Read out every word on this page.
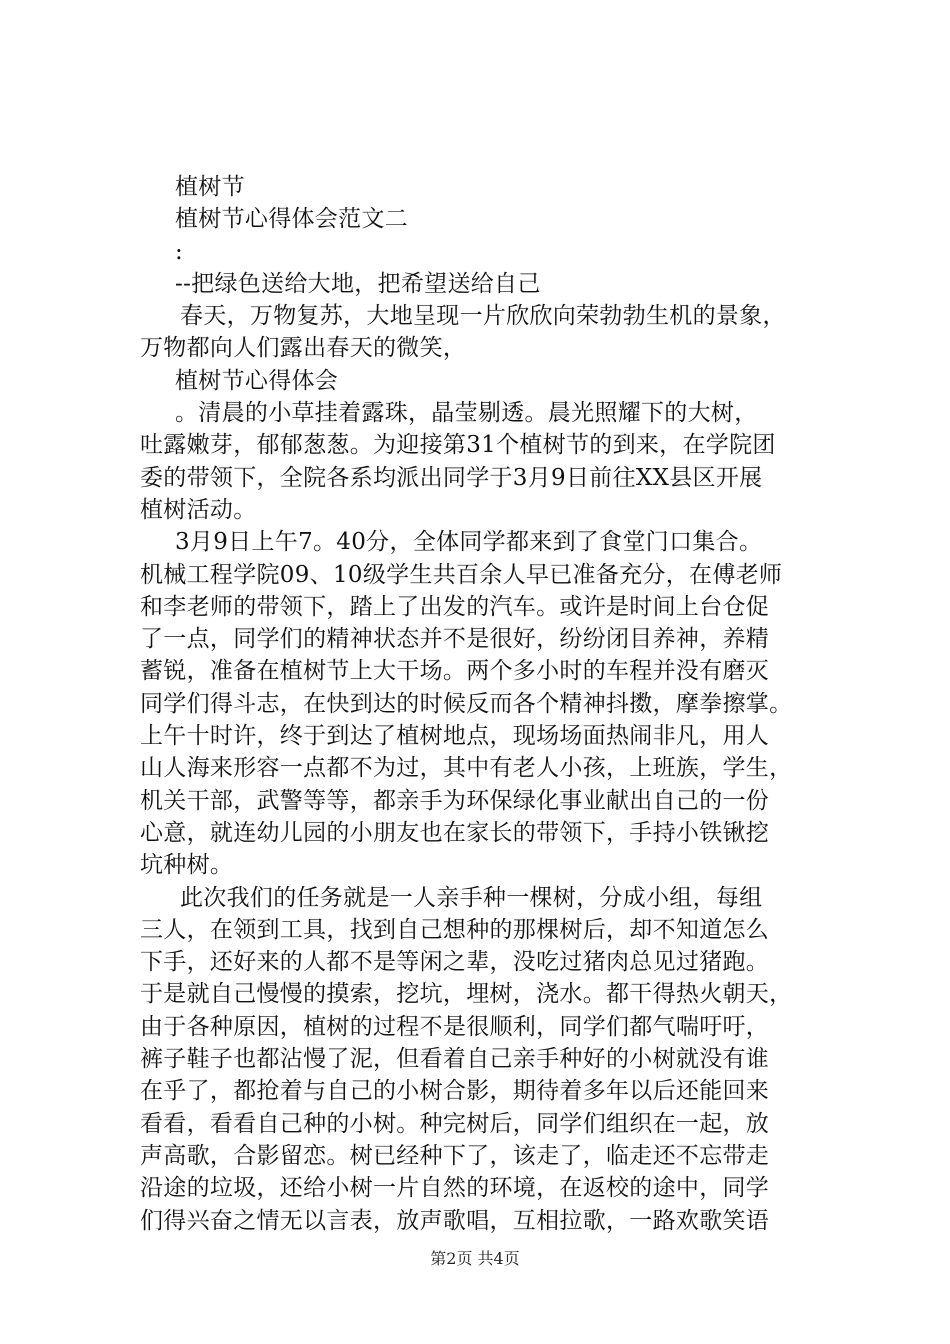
植树节
植树节心得体会范文二
:
--把绿色送给大地，把希望送给自己
春天，万物复苏，大地呈现一片欣欣向荣勃勃生机的景象，
万物都向人们露出春天的微笑，
植树节心得体会
。清晨的小草挂着露珠，晶莹剔透。晨光照耀下的大树，
吐露嫩芽，郁郁葱葱。为迎接第31个植树节的到来，在学院团
委的带领下，全院各系均派出同学于3月9日前往XX县区开展
植树活动。
3月9日上午7。40分，全体同学都来到了食堂门口集合。
机械工程学院09、10级学生共百余人早已准备充分，在傅老师
和李老师的带领下，踏上了出发的汽车。或许是时间上台仓促
了一点，同学们的精神状态并不是很好，纷纷闭目养神，养精
蓄锐，准备在植树节上大干场。两个多小时的车程并没有磨灭
同学们得斗志，在快到达的时候反而各个精神抖擞，摩拳擦掌。
上午十时许，终于到达了植树地点，现场场面热闹非凡，用人
山人海来形容一点都不为过，其中有老人小孩，上班族，学生，
机关干部，武警等等，都亲手为环保绿化事业献出自己的一份
心意，就连幼儿园的小朋友也在家长的带领下，手持小铁锹挖
坑种树。
此次我们的任务就是一人亲手种一棵树，分成小组，每组
三人，在领到工具，找到自己想种的那棵树后，却不知道怎么
下手，还好来的人都不是等闲之辈，没吃过猪肉总见过猪跑。
于是就自己慢慢的摸索，挖坑，埋树，浇水。都干得热火朝天，
由于各种原因，植树的过程不是很顺利，同学们都气喘吁吁，
裤子鞋子也都沾慢了泥，但看着自己亲手种好的小树就没有谁
在乎了，都抢着与自己的小树合影，期待着多年以后还能回来
看看，看看自己种的小树。种完树后，同学们组织在一起，放
声高歌，合影留恋。树已经种下了，该走了，临走还不忘带走
沿途的垃圾，还给小树一片自然的环境，在返校的途中，同学
们得兴奋之情无以言表，放声歌唱，互相拉歌，一路欢歌笑语
第2页 共4页
